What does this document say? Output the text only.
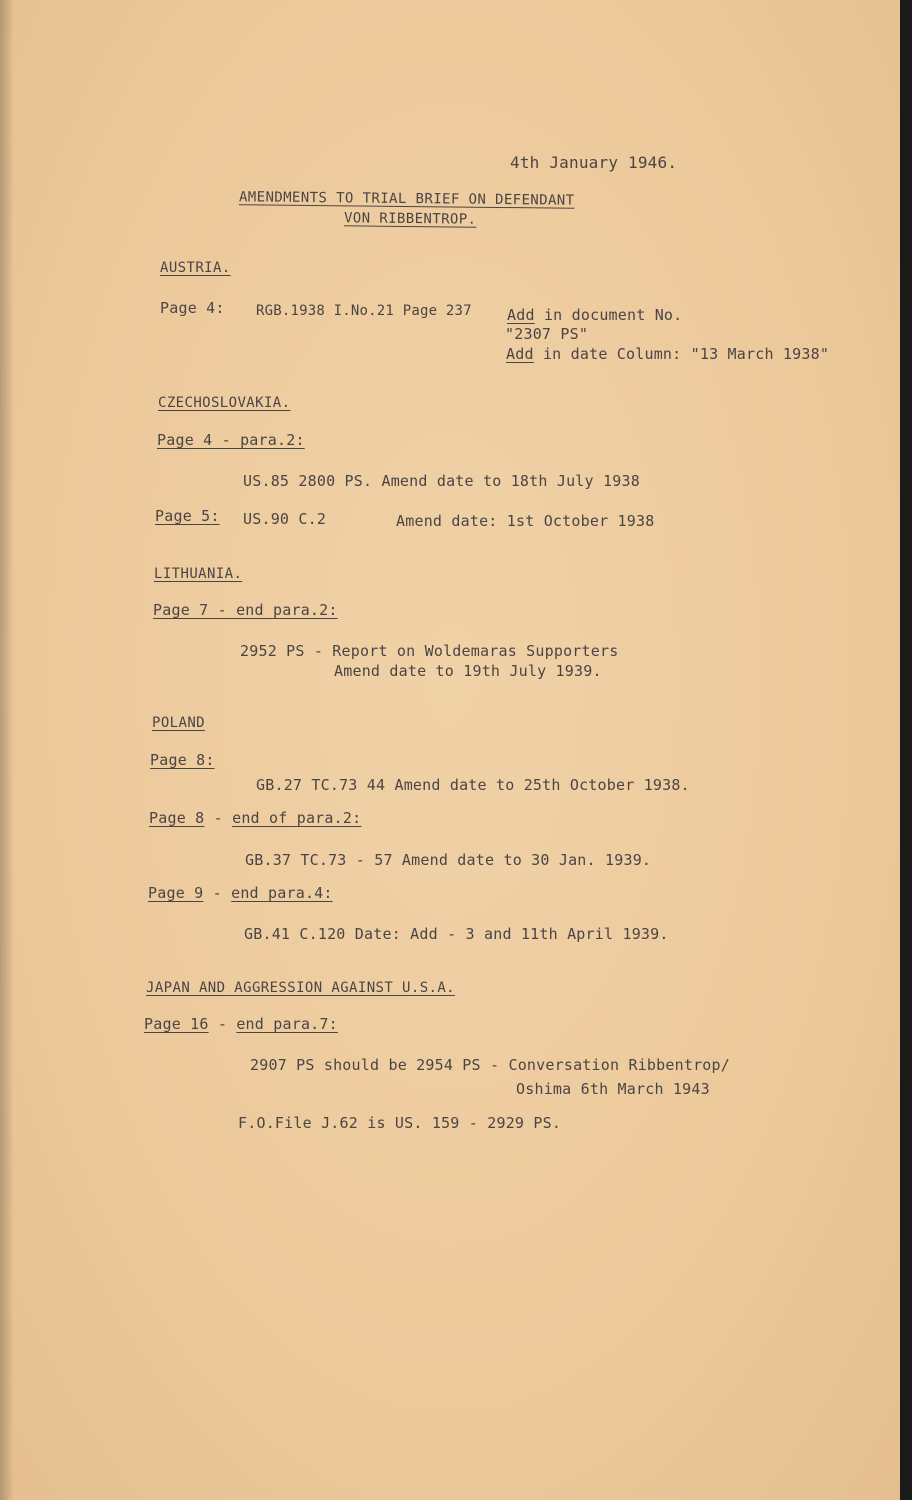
4th January 1946.
AMENDMENTS TO TRIAL BRIEF ON DEFENDANT
VON RIBBENTROP.
AUSTRIA.
Page 4: RGB.1938 I.No.21 Page 237 Add in document No.
"2307 PS"
Add in date Column: "13 March 1938"
CZECHOSLOVAKIA.
Page 4 - para.2:
US.85 2800 PS. Amend date to 18th July 1938
Page 5: US.90 C.2	Amend date: 1st October 1938
LITHUANIA.
Page 7 - end para.2:
2952 PS - Report on Woldemaras Supporters
Amend date to 19th July 1939.
POLAND
Page 8:
GB.27 TC.73 44 Amend date to 25th October 1938.
Page 8 - end of para.2:
GB.37 TC.73 - 57 Amend date to 30 Jan. 1939.
Page 9 - end para.4:
GB.41 C.120 Date: Add - 3 and 11th April 1939.
JAPAN AND AGGRESSION AGAINST U.S.A.
Page 16 - end para.7:
2907 PS should be 2954 PS - Conversation Ribbentrop/
Oshima 6th March 1943
F.O.File J.62 is US. 159 - 2929 PS.
